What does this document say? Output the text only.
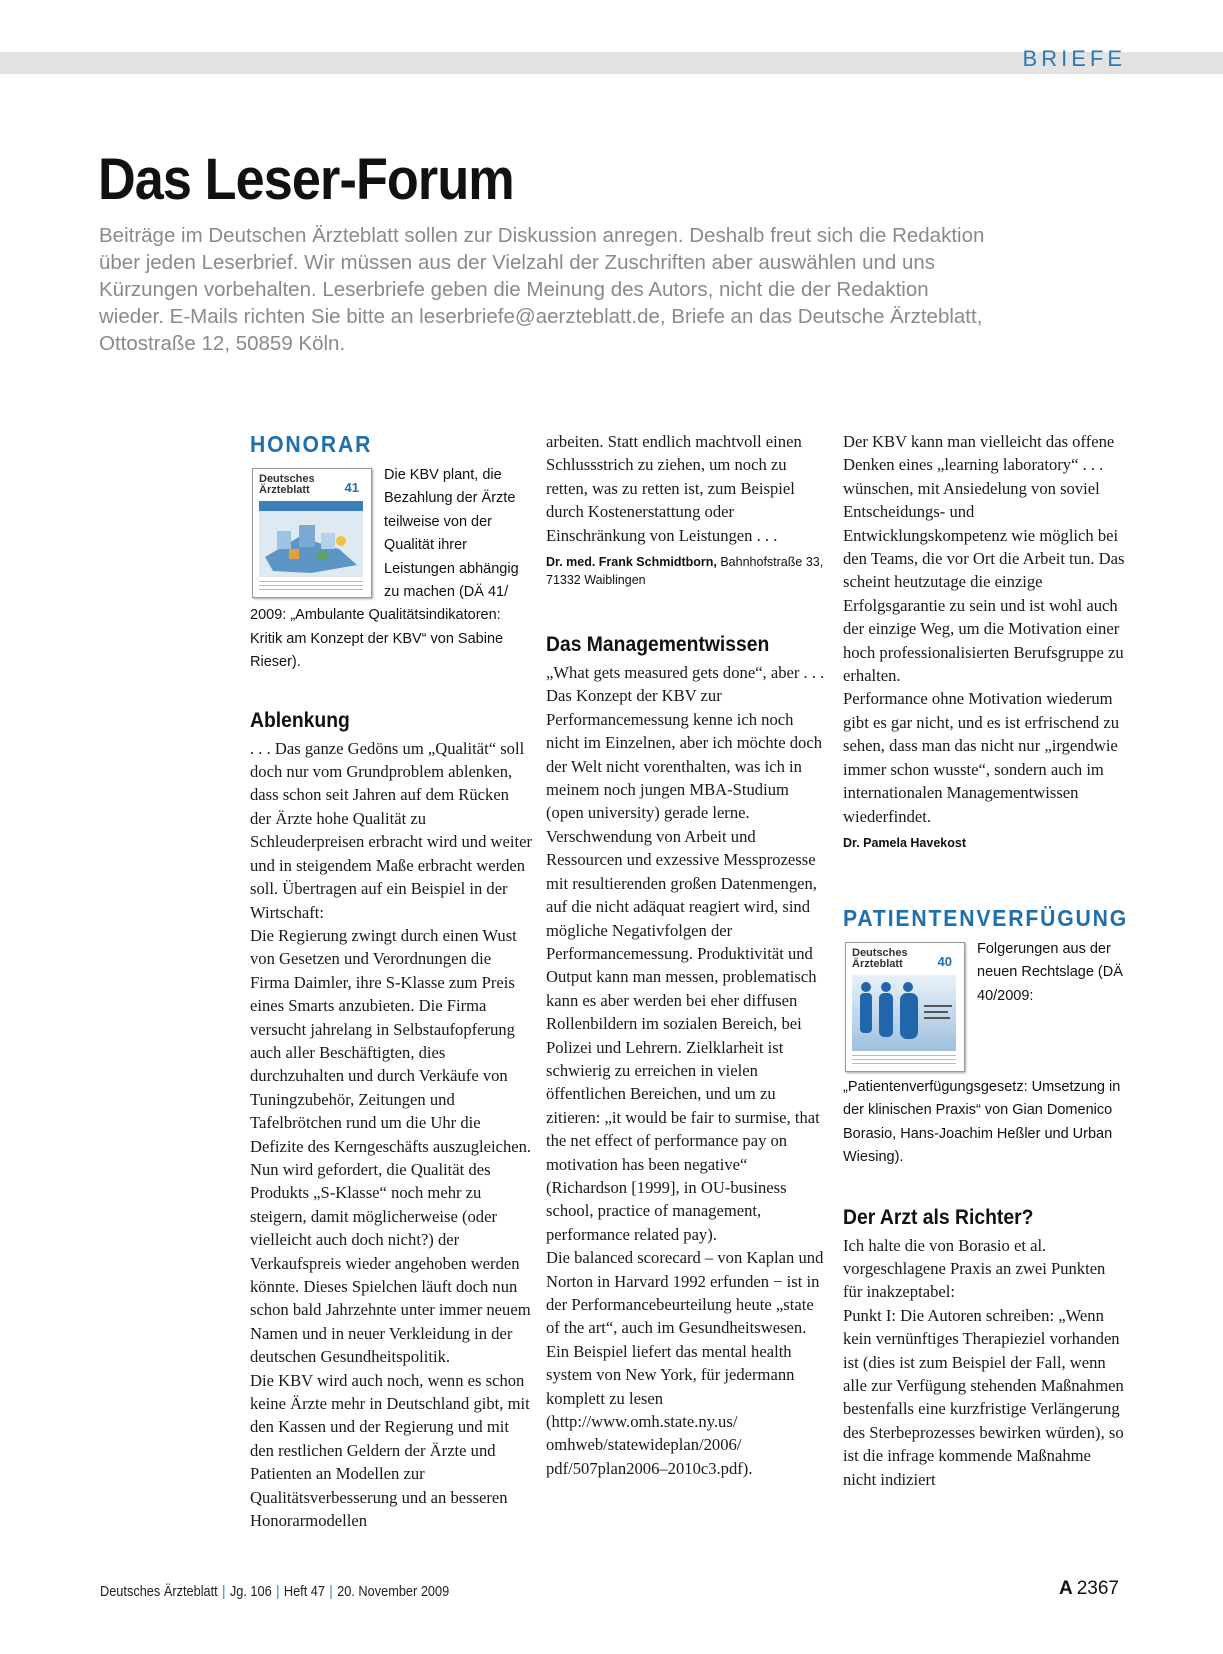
BRIEFE
Das Leser-Forum

Beiträge im Deutschen Ärzteblatt sollen zur Diskussion anregen. Deshalb freut sich die Redaktion über jeden Leserbrief. Wir müssen aus der Vielzahl der Zuschriften aber auswählen und uns Kürzungen vorbehalten. Leserbriefe geben die Meinung des Autors, nicht die der Redaktion wieder. E-Mails richten Sie bitte an leserbriefe@aerzteblatt.de, Briefe an das Deutsche Ärzteblatt, Ottostraße 12, 50859 Köln.

HONORAR
Deutsches Ärzteblatt	41
Die KBV plant, die Bezahlung der Ärzte teilweise von der Qualität ihrer Leistungen abhängig zu machen (DÄ 41/ 2009: „Ambulante Qualitätsindikatoren: Kritik am Konzept der KBV“ von Sabine Rieser).
Ablenkung

. . . Das ganze Gedöns um „Qualität“ soll doch nur vom Grundproblem ablenken, dass schon seit Jahren auf dem Rücken der Ärzte hohe Qualität zu Schleuderpreisen erbracht wird und weiter und in steigendem Maße erbracht werden soll. Übertragen auf ein Beispiel in der Wirtschaft:

Die Regierung zwingt durch einen Wust von Gesetzen und Verordnungen die Firma Daimler, ihre S-Klasse zum Preis eines Smarts anzubieten. Die Firma versucht jahrelang in Selbstaufopferung auch aller Beschäftigten, dies durchzuhalten und durch Verkäufe von Tuningzubehör, Zeitungen und Tafelbrötchen rund um die Uhr die Defizite des Kerngeschäfts auszugleichen. Nun wird gefordert, die Qualität des Produkts „S-Klasse“ noch mehr zu steigern, damit möglicherweise (oder vielleicht auch doch nicht?) der Verkaufspreis wieder angehoben werden könnte. Dieses Spielchen läuft doch nun schon bald Jahrzehnte unter immer neuem Namen und in neuer Verkleidung in der deutschen Gesundheitspolitik.

Die KBV wird auch noch, wenn es schon keine Ärzte mehr in Deutschland gibt, mit den Kassen und der Regierung und mit den restlichen Geldern der Ärzte und Patienten an Modellen zur Qualitätsverbesserung und an besseren Honorarmodellen

arbeiten. Statt endlich machtvoll einen Schlussstrich zu ziehen, um noch zu retten, was zu retten ist, zum Beispiel durch Kostenerstattung oder Einschränkung von Leistungen . . .

Dr. med. Frank Schmidtborn, Bahnhofstraße 33, 71332 Waiblingen
Das Managementwissen

„What gets measured gets done“, aber . . . Das Konzept der KBV zur Performancemessung kenne ich noch nicht im Einzelnen, aber ich möchte doch der Welt nicht vorenthalten, was ich in meinem noch jungen MBA-Studium (open university) gerade lerne. Verschwendung von Arbeit und Ressourcen und exzessive Messprozesse mit resultierenden großen Datenmengen, auf die nicht adäquat reagiert wird, sind mögliche Negativfolgen der Performancemessung. Produktivität und Output kann man messen, problematisch kann es aber werden bei eher diffusen Rollenbildern im sozialen Bereich, bei Polizei und Lehrern. Zielklarheit ist schwierig zu erreichen in vielen öffentlichen Bereichen, und um zu zitieren: „it would be fair to surmise, that the net effect of performance pay on motivation has been negative“ (Richardson [1999], in OU-business school, practice of management, performance related pay).

Die balanced scorecard – von Kaplan und Norton in Harvard 1992 erfunden − ist in der Performancebeurteilung heute „state of the art“, auch im Gesundheitswesen. Ein Beispiel liefert das mental health system von New York, für jedermann komplett zu lesen (http://www.omh.state.ny.us/ omhweb/statewideplan/2006/ pdf/507plan2006–2010c3.pdf).

Der KBV kann man vielleicht das offene Denken eines „learning laboratory“ . . . wünschen, mit Ansiedelung von soviel Entscheidungs- und Entwicklungskompetenz wie möglich bei den Teams, die vor Ort die Arbeit tun. Das scheint heutzutage die einzige Erfolgsgarantie zu sein und ist wohl auch der einzige Weg, um die Motivation einer hoch professionalisierten Berufsgruppe zu erhalten.

Performance ohne Motivation wiederum gibt es gar nicht, und es ist erfrischend zu sehen, dass man das nicht nur „irgendwie immer schon wusste“, sondern auch im internationalen Managementwissen wiederfindet.

Dr. Pamela Havekost
PATIENTENVERFÜGUNG
Deutsches Ärzteblatt	40
Folgerungen aus der neuen Rechtslage (DÄ 40/2009: „Patientenverfügungsgesetz: Umsetzung in der klinischen Praxis“ von Gian Domenico Borasio, Hans-Joachim Heßler und Urban Wiesing).
Der Arzt als Richter?

Ich halte die von Borasio et al. vorgeschlagene Praxis an zwei Punkten für inakzeptabel:

Punkt I: Die Autoren schreiben: „Wenn kein vernünftiges Therapieziel vorhanden ist (dies ist zum Beispiel der Fall, wenn alle zur Verfügung stehenden Maßnahmen bestenfalls eine kurzfristige Verlängerung des Sterbeprozesses bewirken würden), so ist die infrage kommende Maßnahme nicht indiziert

Deutsches Ärzteblatt | Jg. 106 | Heft 47 | 20. November 2009	A 2367
